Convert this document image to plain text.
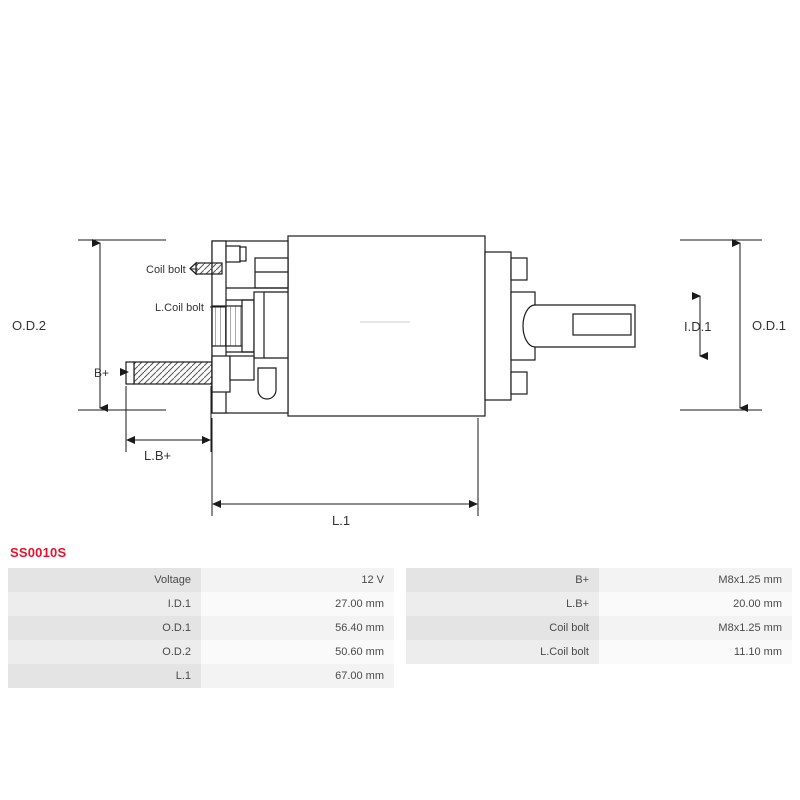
O.D.2	O.D.1
I.D.1
L.1
L.B+
B+
Coil bolt
L.Coil bolt
SS0010S
Voltage	12 V
I.D.1	27.00 mm
O.D.1	56.40 mm
O.D.2	50.60 mm
L.1	67.00 mm
B+	M8x1.25 mm
L.B+	20.00 mm
Coil bolt	M8x1.25 mm
L.Coil bolt	11.10 mm
